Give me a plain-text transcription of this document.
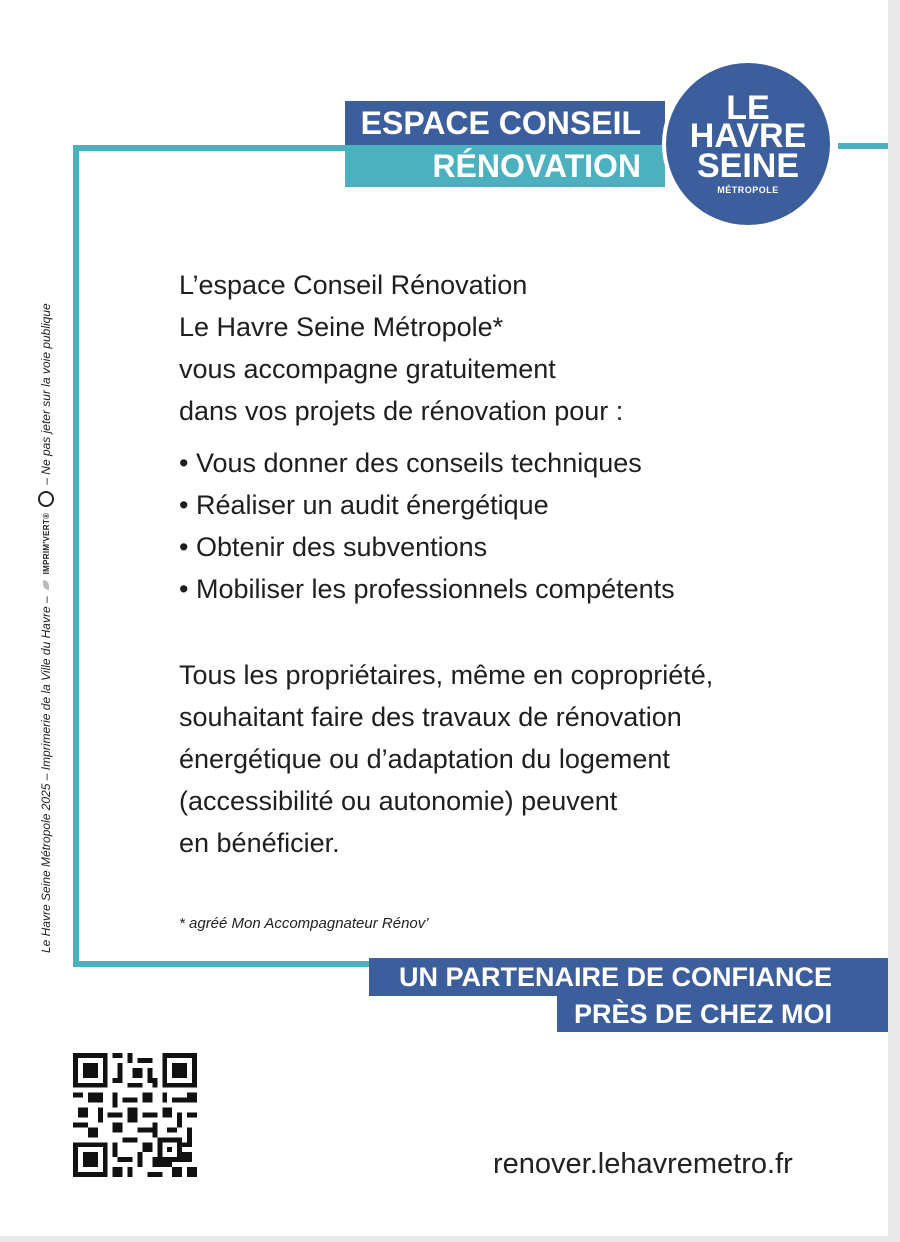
ESPACE CONSEIL
RÉNOVATION
LE
HAVRE
SEINE
MÉTROPOLE
Le Havre Seine Métropole 2025 – Imprimerie de la Ville du Havre –
IMPRIM'VERT®
– Ne pas jeter sur la voie publique
L’espace Conseil Rénovation
Le Havre Seine Métropole*
vous accompagne gratuitement
dans vos projets de rénovation pour :
• Vous donner des conseils techniques
• Réaliser un audit énergétique
• Obtenir des subventions
• Mobiliser les professionnels compétents
Tous les propriétaires, même en copropriété,
souhaitant faire des travaux de rénovation
énergétique ou d’adaptation du logement
(accessibilité ou autonomie) peuvent
en bénéficier.
* agréé Mon Accompagnateur Rénov’
UN PARTENAIRE DE CONFIANCE
PRÈS DE CHEZ MOI
renover.lehavremetro.fr
